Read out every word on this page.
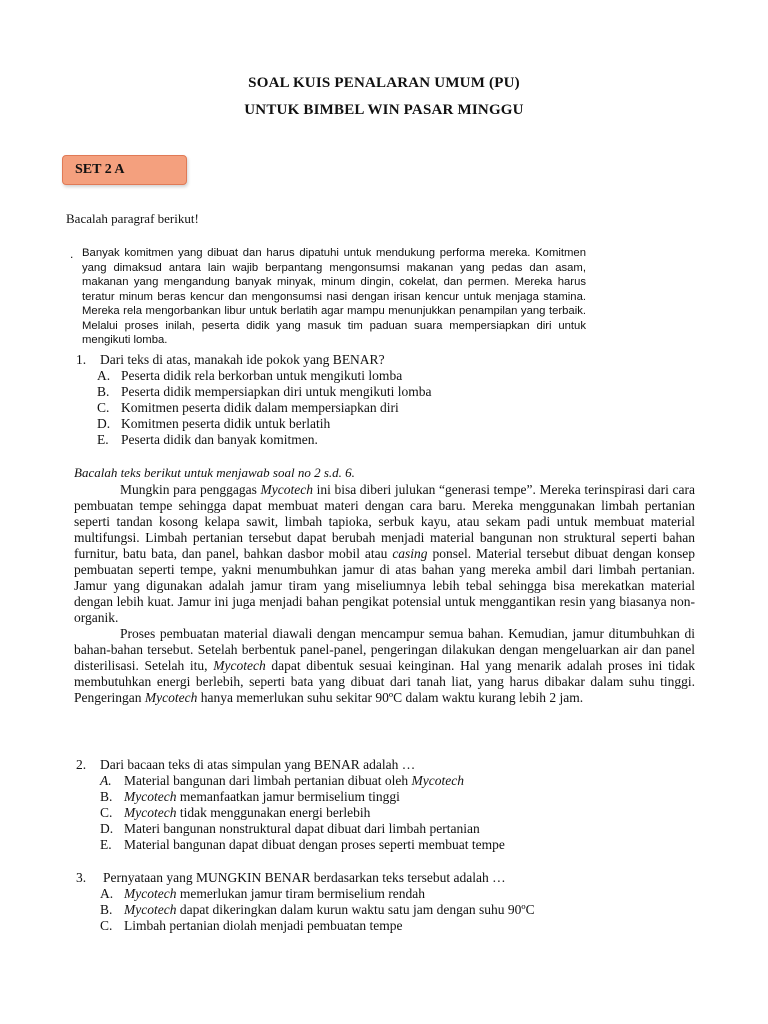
SOAL KUIS PENALARAN UMUM (PU)
UNTUK BIMBEL WIN PASAR MINGGU
SET 2 A
Bacalah paragraf berikut!
. Banyak komitmen yang dibuat dan harus dipatuhi untuk mendukung performa mereka. Komitmen yang dimaksud antara lain wajib berpantang mengonsumsi makanan yang pedas dan asam, makanan yang mengandung banyak minyak, minum dingin, cokelat, dan permen. Mereka harus teratur minum beras kencur dan mengonsumsi nasi dengan irisan kencur untuk menjaga stamina. Mereka rela mengorbankan libur untuk berlatih agar mampu menunjukkan penampilan yang terbaik. Melalui proses inilah, peserta didik yang masuk tim paduan suara mempersiapkan diri untuk mengikuti lomba.
1. Dari teks di atas, manakah ide pokok yang BENAR?
A. Peserta didik rela berkorban untuk mengikuti lomba
B. Peserta didik mempersiapkan diri untuk mengikuti lomba
C. Komitmen peserta didik dalam mempersiapkan diri
D. Komitmen peserta didik untuk berlatih
E. Peserta didik dan banyak komitmen.
Bacalah teks berikut untuk menjawab soal no 2 s.d. 6.

Mungkin para penggagas Mycotech ini bisa diberi julukan “generasi tempe”. Mereka terinspirasi dari cara pembuatan tempe sehingga dapat membuat materi dengan cara baru. Mereka menggunakan limbah pertanian seperti tandan kosong kelapa sawit, limbah tapioka, serbuk kayu, atau sekam padi untuk membuat material multifungsi. Limbah pertanian tersebut dapat berubah menjadi material bangunan non struktural seperti bahan furnitur, batu bata, dan panel, bahkan dasbor mobil atau casing ponsel. Material tersebut dibuat dengan konsep pembuatan seperti tempe, yakni menumbuhkan jamur di atas bahan yang mereka ambil dari limbah pertanian. Jamur yang digunakan adalah jamur tiram yang miseliumnya lebih tebal sehingga bisa merekatkan material dengan lebih kuat. Jamur ini juga menjadi bahan pengikat potensial untuk menggantikan resin yang biasanya non-organik.

Proses pembuatan material diawali dengan mencampur semua bahan. Kemudian, jamur ditumbuhkan di bahan-bahan tersebut. Setelah berbentuk panel-panel, pengeringan dilakukan dengan mengeluarkan air dan panel disterilisasi. Setelah itu, Mycotech dapat dibentuk sesuai keinginan. Hal yang menarik adalah proses ini tidak membutuhkan energi berlebih, seperti bata yang dibuat dari tanah liat, yang harus dibakar dalam suhu tinggi. Pengeringan Mycotech hanya memerlukan suhu sekitar 90ºC dalam waktu kurang lebih 2 jam.

2. Dari bacaan teks di atas simpulan yang BENAR adalah …
A. Material bangunan dari limbah pertanian dibuat oleh Mycotech
B. Mycotech memanfaatkan jamur bermiselium tinggi
C. Mycotech tidak menggunakan energi berlebih
D. Materi bangunan nonstruktural dapat dibuat dari limbah pertanian
E. Material bangunan dapat dibuat dengan proses seperti membuat tempe
3. Pernyataan yang MUNGKIN BENAR berdasarkan teks tersebut adalah …
A. Mycotech memerlukan jamur tiram bermiselium rendah
B. Mycotech dapat dikeringkan dalam kurun waktu satu jam dengan suhu 90ºC
C. Limbah pertanian diolah menjadi pembuatan tempe
